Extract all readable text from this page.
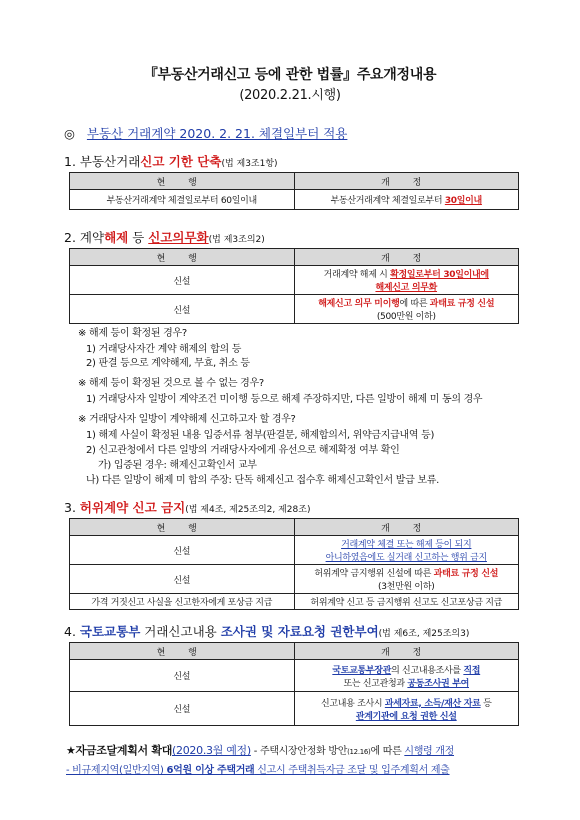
『부동산거래신고 등에 관한 법률』주요개정내용
(2020.2.21.시행)
◎ 부동산 거래계약 2020. 2. 21. 체결일부터 적용
1. 부동산거래신고 기한 단축(법 제3조1항)
현 행	개 정
부동산거래계약 체결일로부터 60일이내	부동산거래계약 체결일로부터 30일이내
2. 계약해제 등 신고의무화(법 제3조의2)
현 행	개 정
신설	거래계약 해제 시 확정일로부터 30일이내에
해제신고 의무화
신설	해제신고 의무 미이행에 따른 과태료 규정 신설
(500만원 이하)
※ 해제 등이 확정된 경우?
1) 거래당사자간 계약 해제의 합의 등
2) 판결 등으로 계약해제, 무효, 취소 등
※ 해제 등이 확정된 것으로 볼 수 없는 경우?
1) 거래당사자 일방이 계약조건 미이행 등으로 해제 주장하지만, 다른 일방이 해제 미 동의 경우
※ 거래당사자 일방이 계약해제 신고하고자 할 경우?
1) 해제 사실이 확정된 내용 입증서류 첨부(판결문, 해제합의서, 위약금지급내역 등)
2) 신고관청에서 다른 일방의 거래당사자에게 유선으로 해제확정 여부 확인
가) 입증된 경우: 해제신고확인서 교부
나) 다른 일방이 해제 미 합의 주장: 단독 해제신고 접수후 해제신고확인서 발급 보류.
3. 허위계약 신고 금지(법 제4조, 제25조의2, 제28조)
현 행	개 정
신설	거래계약 체결 또는 해제 등이 되지
아니하였음에도 실거래 신고하는 행위 금지
신설	허위계약 금지행위 신설에 따른 과태료 규정 신설
(3천만원 이하)
가격 거짓신고 사실을 신고한자에게 포상금 지급	허위계약 신고 등 금지행위 신고도 신고포상금 지급
4. 국토교통부 거래신고내용 조사권 및 자료요청 권한부여(법 제6조, 제25조의3)
현 행	개 정
신설	국토교통부장관의 신고내용조사를 직접
또는 신고관청과 공동조사권 부여
신설	신고내용 조사시 과세자료, 소득/재산 자료 등
관계기관에 요청 권한 신설
★자금조달계획서 확대(2020.3월 예정) - 주택시장안정화 방안(12.16)에 따른 시행령 개정
- 비규제지역(일반지역) 6억원 이상 주택거래 신고시 주택취득자금 조달 및 입주계획서 제출
